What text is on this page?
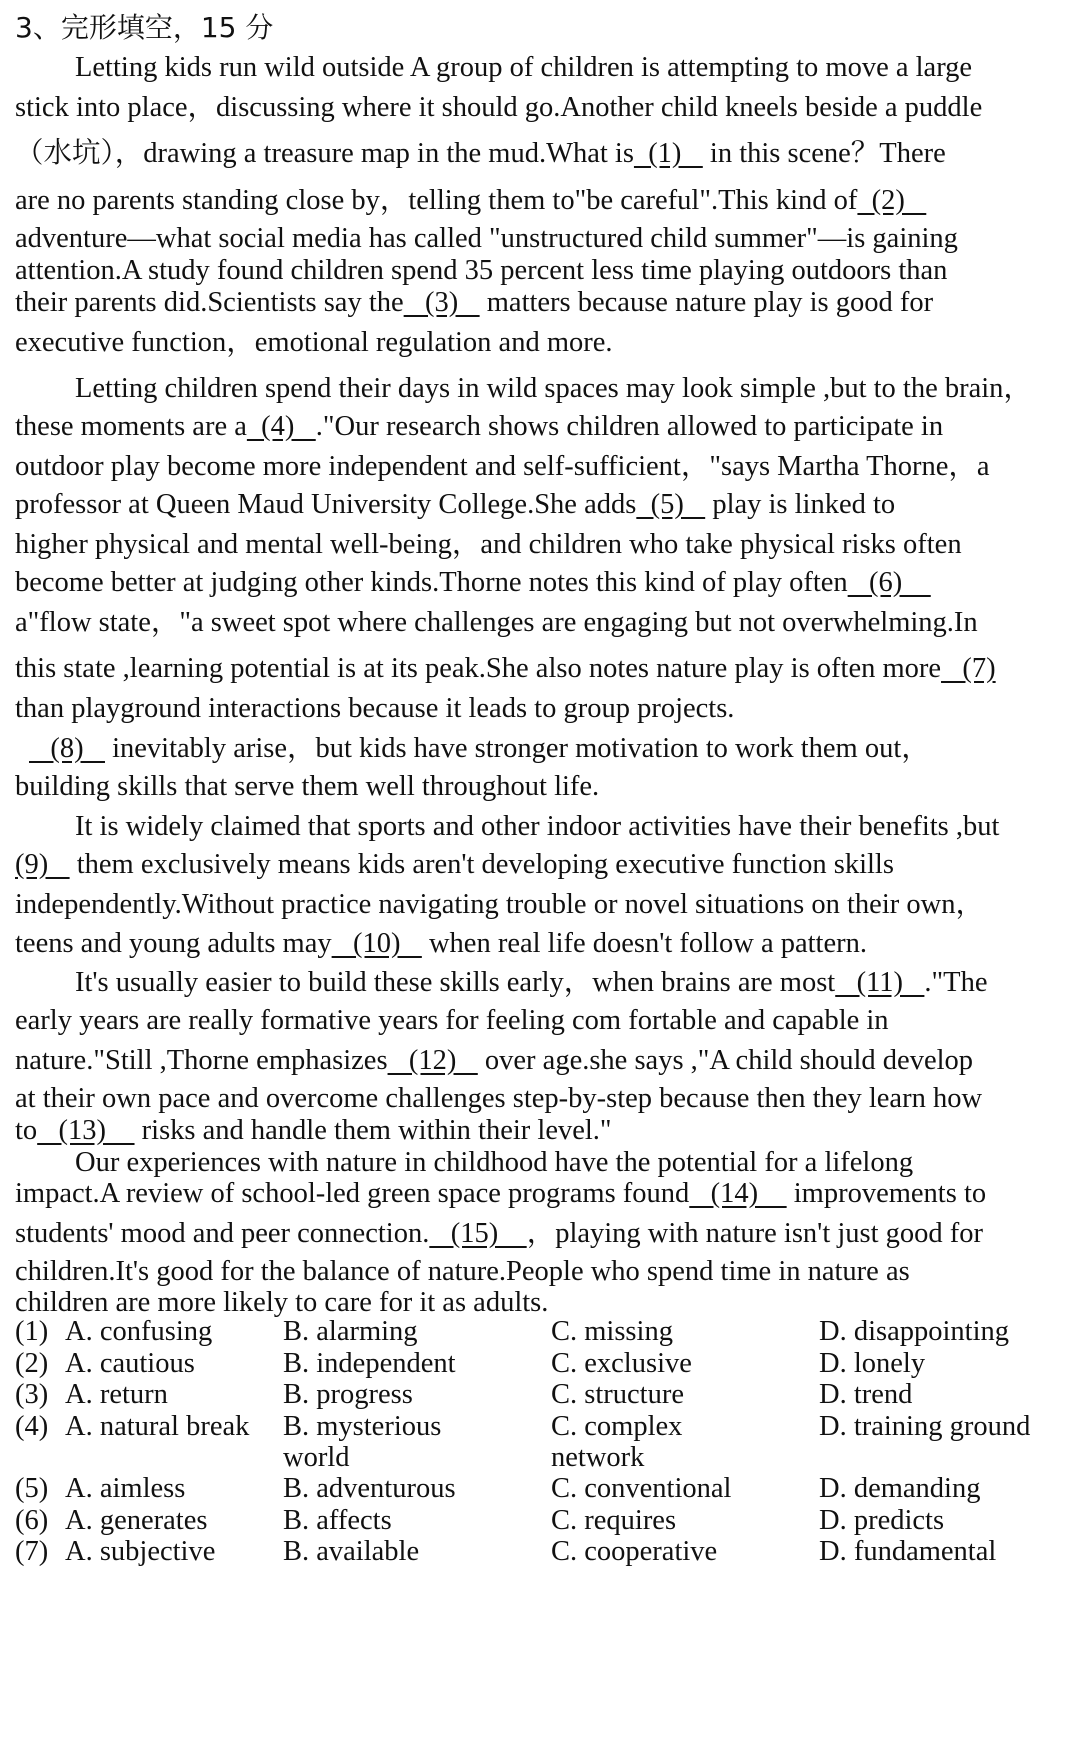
3、完形填空，15 分
Letting kids run wild outside A group of children is attempting to move a large
stick into place，discussing where it should go.Another child kneels beside a puddle
（水坑），drawing a treasure map in the mud.What is  (1)    in this scene？There
are no parents standing close by，telling them to"be careful".This kind of  (2)
adventure—what social media has called "unstructured child summer"—is gaining
attention.A study found children spend 35 percent less time playing outdoors than
their parents did.Scientists say the   (3)    matters because nature play is good for
executive function，emotional regulation and more.
Letting children spend their days in wild spaces may look simple ,but to the brain，
these moments are a  (4)   ."Our research shows children allowed to participate in
outdoor play become more independent and self-sufficient，"says Martha Thorne，a
professor at Queen Maud University College.She adds  (5)    play is linked to
higher physical and mental well-being，and children who take physical risks often
become better at judging other kinds.Thorne notes this kind of play often   (6)
a"flow state，"a sweet spot where challenges are engaging but not overwhelming.In
this state ,learning potential is at its peak.She also notes nature play is often more   (7)
than playground interactions because it leads to group projects.
(8)    inevitably arise，but kids have stronger motivation to work them out，
building skills that serve them well throughout life.
It is widely claimed that sports and other indoor activities have their benefits ,but
(9)    them exclusively means kids aren't developing executive function skills
independently.Without practice navigating trouble or novel situations on their own，
teens and young adults may   (10)    when real life doesn't follow a pattern.
It's usually easier to build these skills early，when brains are most   (11)   ."The
early years are really formative years for feeling com fortable and capable in
nature."Still ,Thorne emphasizes   (12)    over age.she says ,"A child should develop
at their own pace and overcome challenges step-by-step because then they learn how
to   (13)     risks and handle them within their level."
Our experiences with nature in childhood have the potential for a lifelong
impact.A review of school-led green space programs found   (14)     improvements to
students' mood and peer connection.   (15)    ，playing with nature isn't just good for
children.It's good for the balance of nature.People who spend time in nature as
children are more likely to care for it as adults.
(1) A. confusing B. alarming	C. missing	D. disappointing
(2) A. cautious	B. independent	C. exclusive	D. lonely
(3) A. return	B. progress	C. structure	D. trend
(4) A. natural break B. mysterious	C. complex	D. training ground
world	network
(5) A. aimless	B. adventurous	C. conventional	D. demanding
(6) A. generates	B. affects	C. requires	D. predicts
(7) A. subjective B. available	C. cooperative	D. fundamental
